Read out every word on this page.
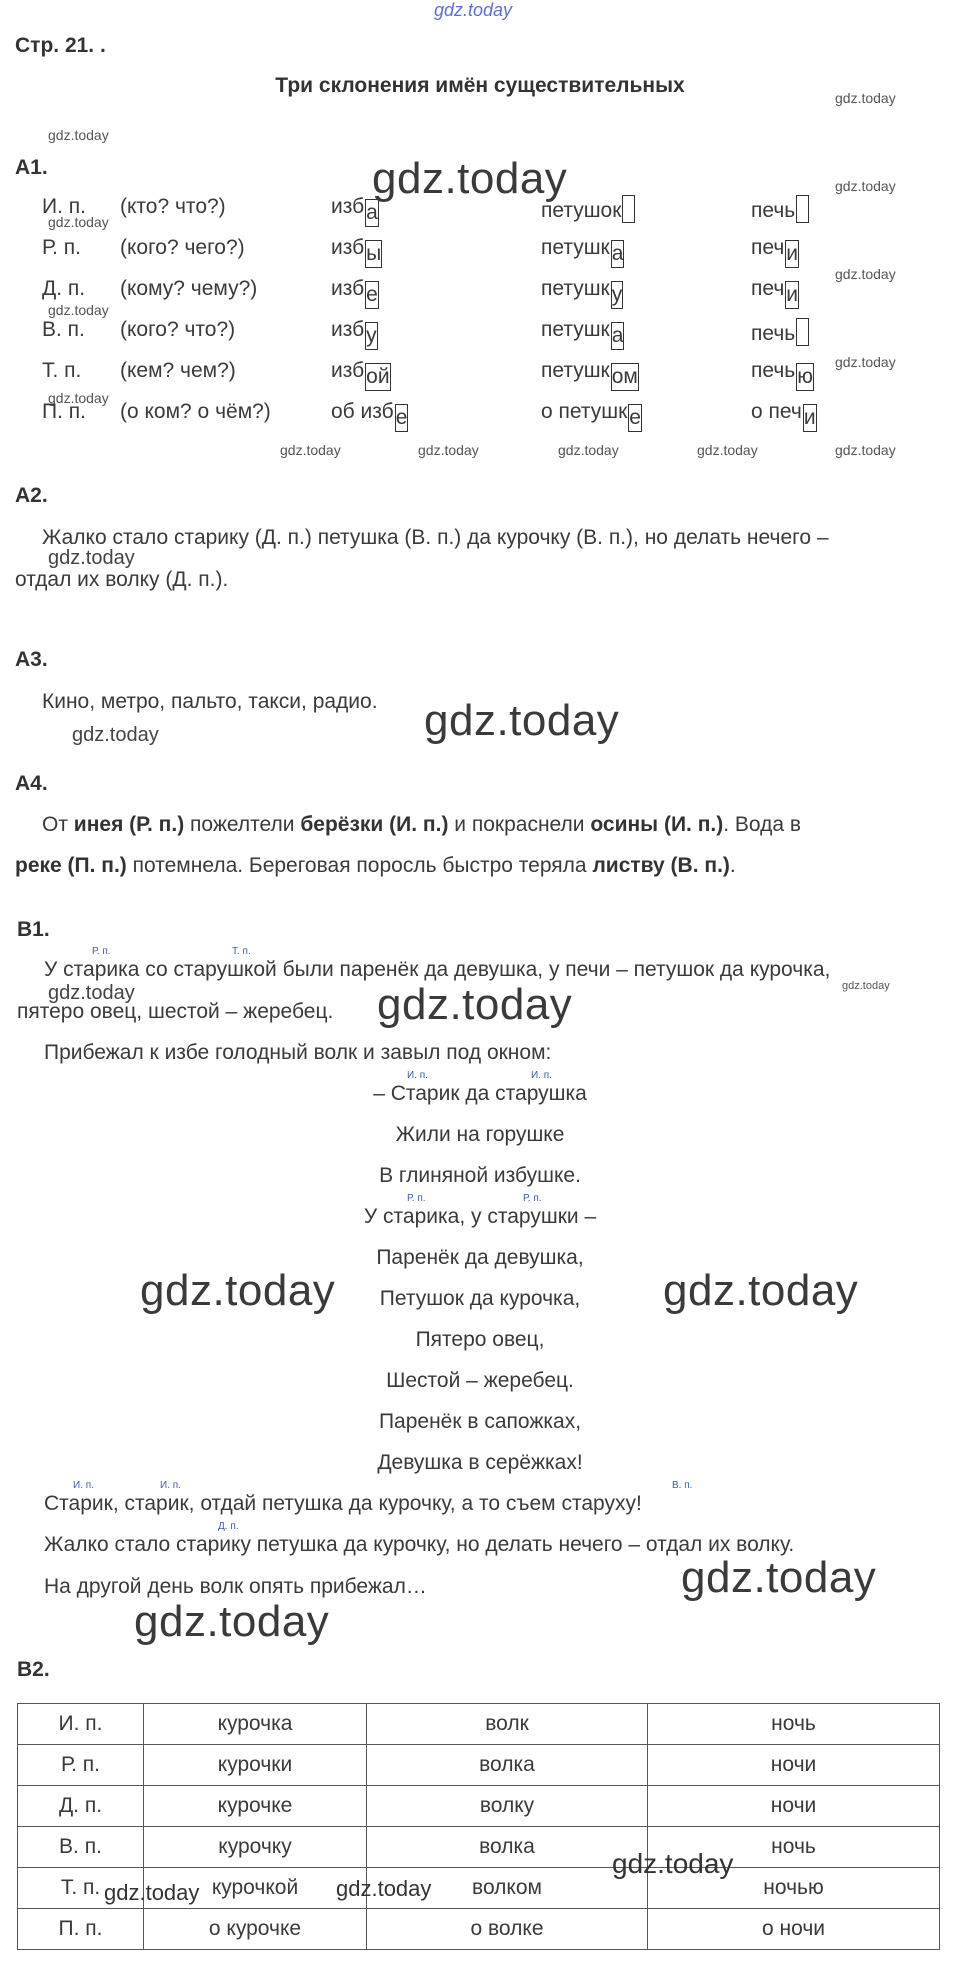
gdz.today
Стр. 21. .
Три склонения имён существительных
gdz.today
gdz.today
gdz.today
gdz.today
gdz.today
gdz.today
gdz.today
gdz.today
gdz.today	gdz.today	gdz.today	gdz.today	gdz.today
gdz.today
А1.
И. п. (кто? что?)	изба	петушок	печь
Р. п. (кого? чего?)	избы	петушка	печи
Д. п. (кому? чему?)	избе	петушку	печи
В. п. (кого? что?)	избу	петушка	печь
Т. п. (кем? чем?)	избой	петушком	печью
П. п. (о ком? о чём?)	об избе	о петушке	о печи
А2.
Жалко стало старику (Д. п.) петушка (В. п.) да курочку (В. п.), но делать нечего –
gdz.today
отдал их волку (Д. п.).
А3.
Кино, метро, пальто, такси, радио.
gdz.today	gdz.today
А4.
От инея (Р. п.) пожелтели берёзки (И. п.) и покраснели осины (И. п.). Вода в
реке (П. п.) потемнела. Береговая поросль быстро теряла листву (В. п.).
В1.
Р. п.	Т. п.
У старика со старушкой были паренёк да девушка, у печи – петушок да курочка,
gdz.today	gdz.today
пятеро овец, шестой – жеребец. gdz.today
Прибежал к избе голодный волк и завыл под окном:
И. п.	И. п.
Р. п.	Р. п.
– Старик да старушка
Жили на горушке
В глиняной избушке.
У старика, у старушки –
Паренёк да девушка,
Петушок да курочка,
Пятеро овец,
Шестой – жеребец.
Паренёк в сапожках,
Девушка в серёжках!
gdz.today	gdz.today
И. п.	И. п.	В. п.
Старик, старик, отдай петушка да курочку, а то съем старуху!
Д. п.
Жалко стало старику петушка да курочку, но делать нечего – отдал их волку.
На другой день волк опять прибежал…	gdz.today
gdz.today
В2.
И. п.	курочка	волк	ночь
Р. п.	курочки	волка	ночи
Д. п.	курочке	волку	ночи
В. п.	курочку	волка	ночь
Т. п.	курочкой	волком	ночью
П. п.	о курочке	о волке	о ночи
gdz.today
gdz.today	gdz.today
